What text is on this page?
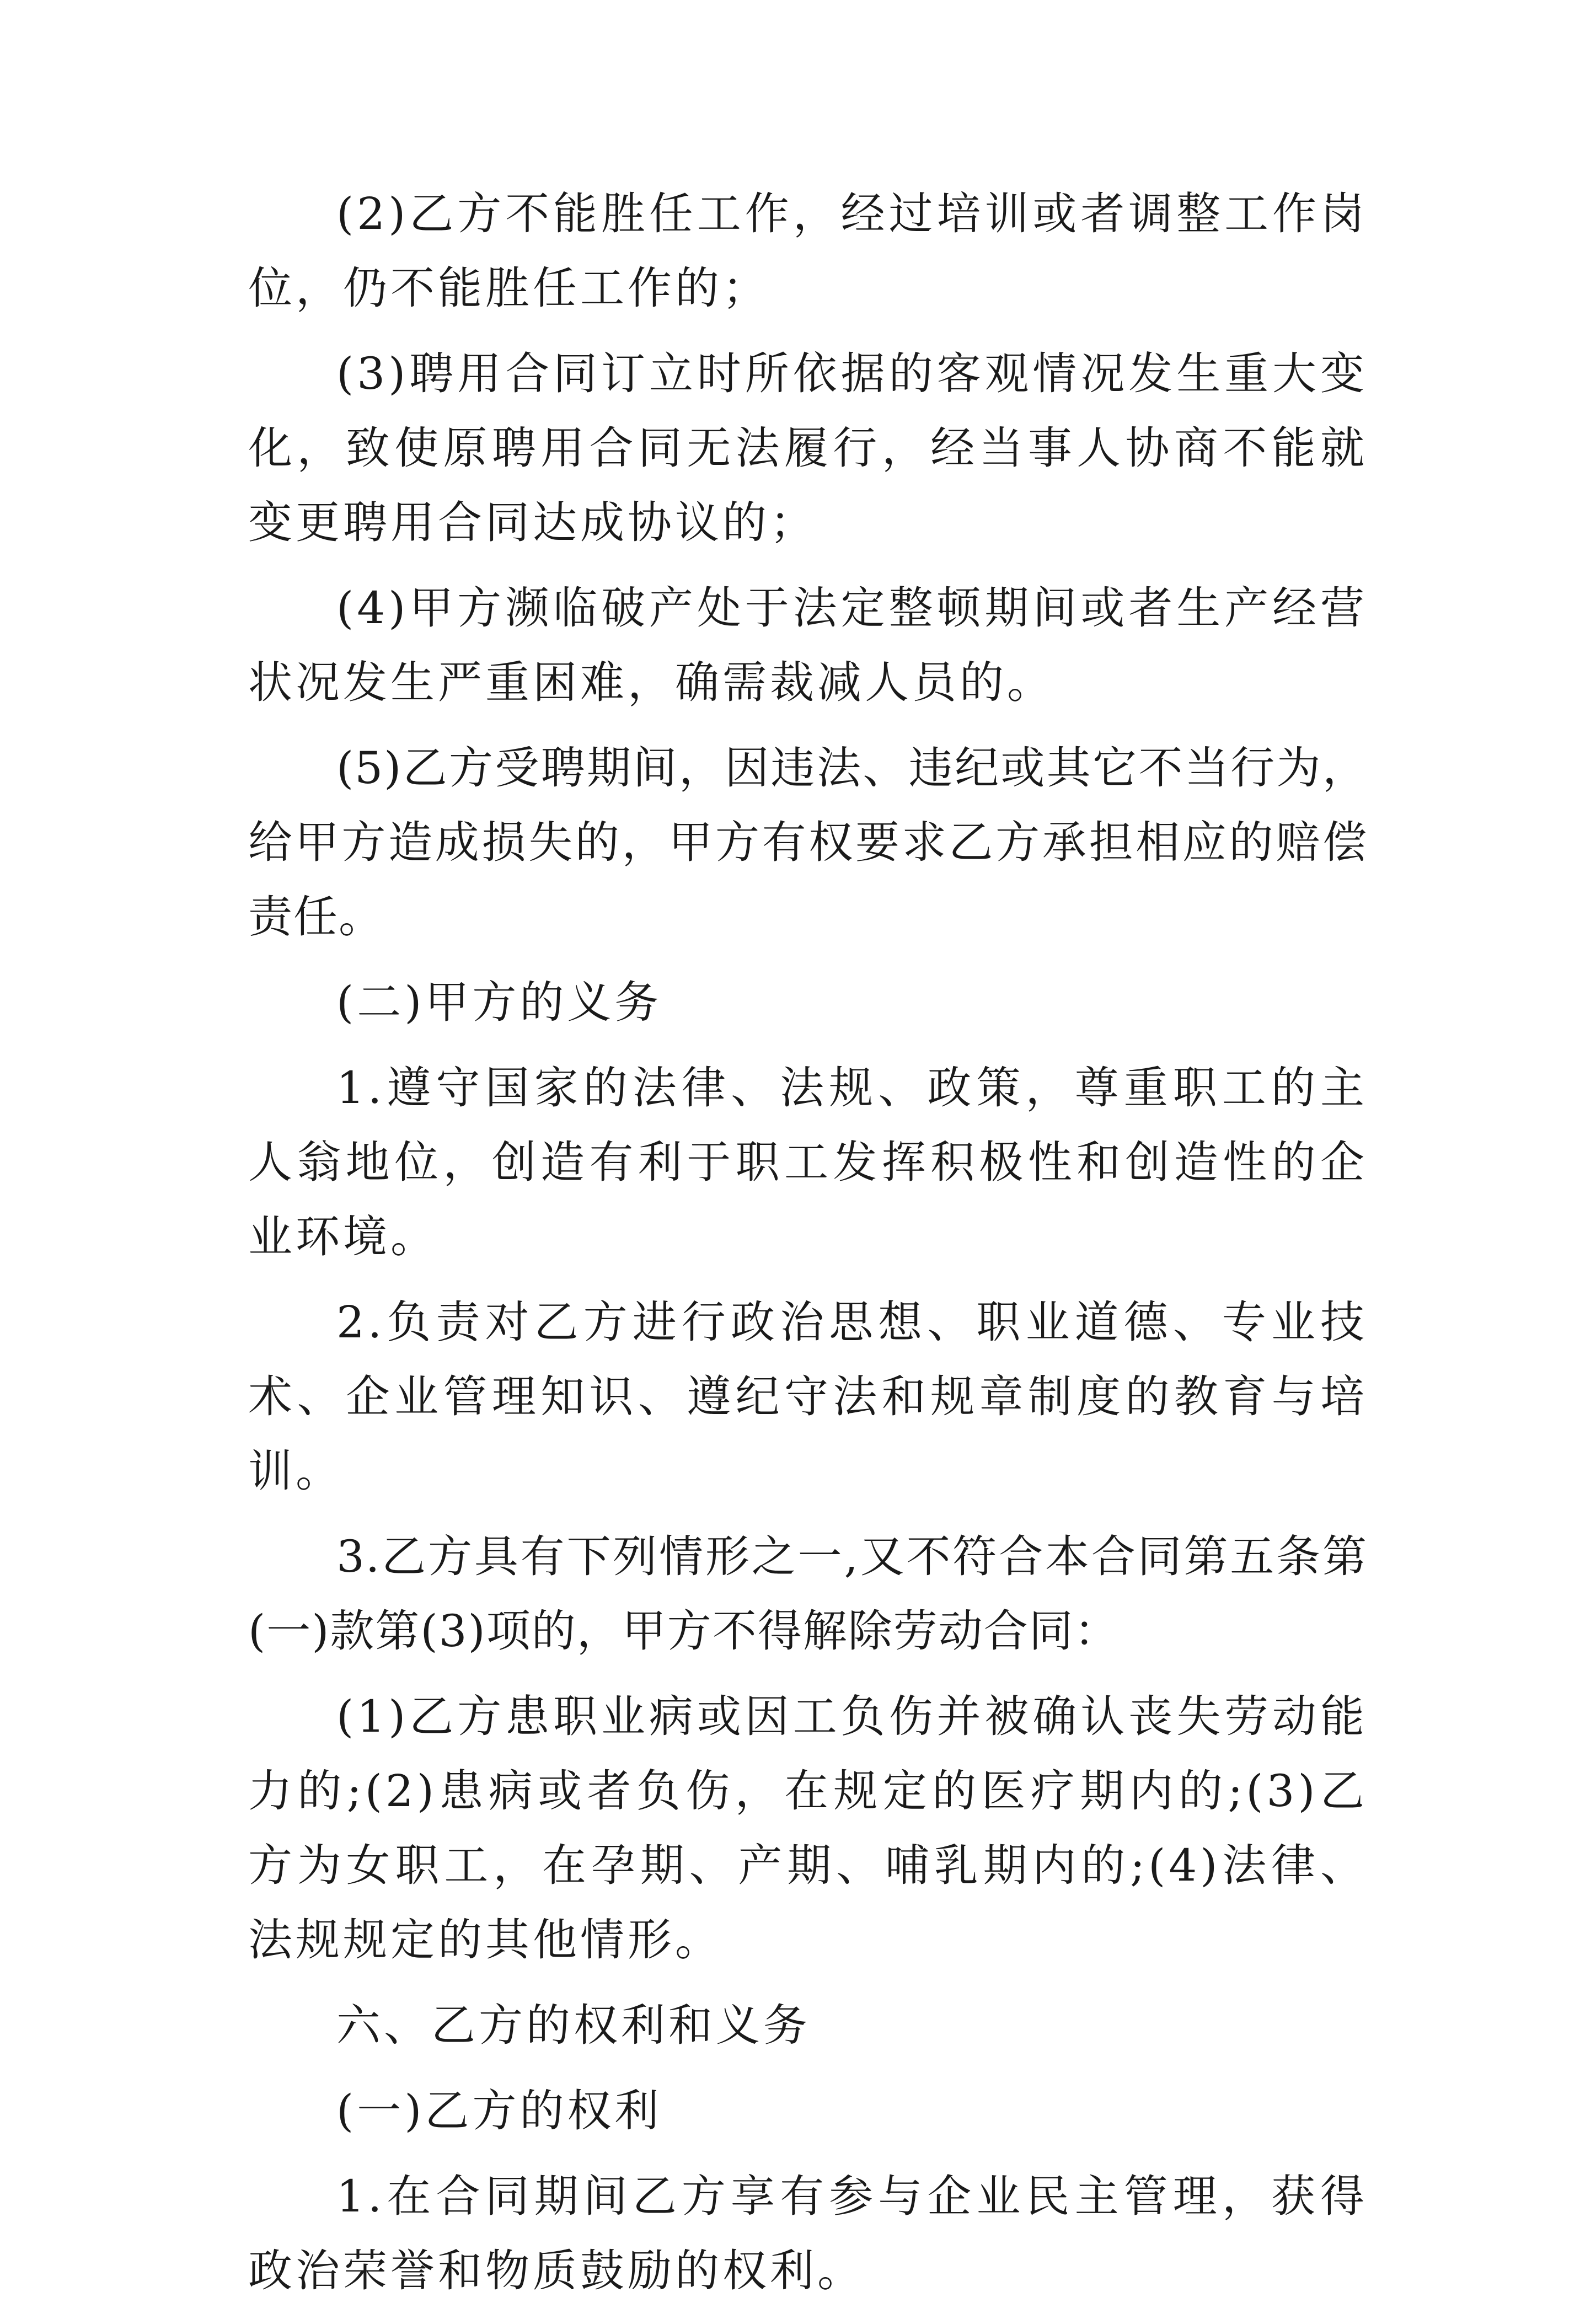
(2)乙方不能胜任工作，经过培训或者调整工作岗位，仍不能胜任工作的；

(3)聘用合同订立时所依据的客观情况发生重大变化，致使原聘用合同无法履行，经当事人协商不能就变更聘用合同达成协议的；

(4)甲方濒临破产处于法定整顿期间或者生产经营状况发生严重困难，确需裁减人员的。

(5)乙方受聘期间，因违法、违纪或其它不当行为，给甲方造成损失的，甲方有权要求乙方承担相应的赔偿责任。

(二)甲方的义务

1.遵守国家的法律、法规、政策，尊重职工的主人翁地位，创造有利于职工发挥积极性和创造性的企业环境。

2.负责对乙方进行政治思想、职业道德、专业技术、企业管理知识、遵纪守法和规章制度的教育与培训。

3.乙方具有下列情形之一,又不符合本合同第五条第(一)款第(3)项的，甲方不得解除劳动合同：

(1)乙方患职业病或因工负伤并被确认丧失劳动能力的;(2)患病或者负伤，在规定的医疗期内的;(3)乙方为女职工，在孕期、产期、哺乳期内的;(4)法律、法规规定的其他情形。

六、乙方的权利和义务

(一)乙方的权利

1.在合同期间乙方享有参与企业民主管理，获得政治荣誉和物质鼓励的权利。
